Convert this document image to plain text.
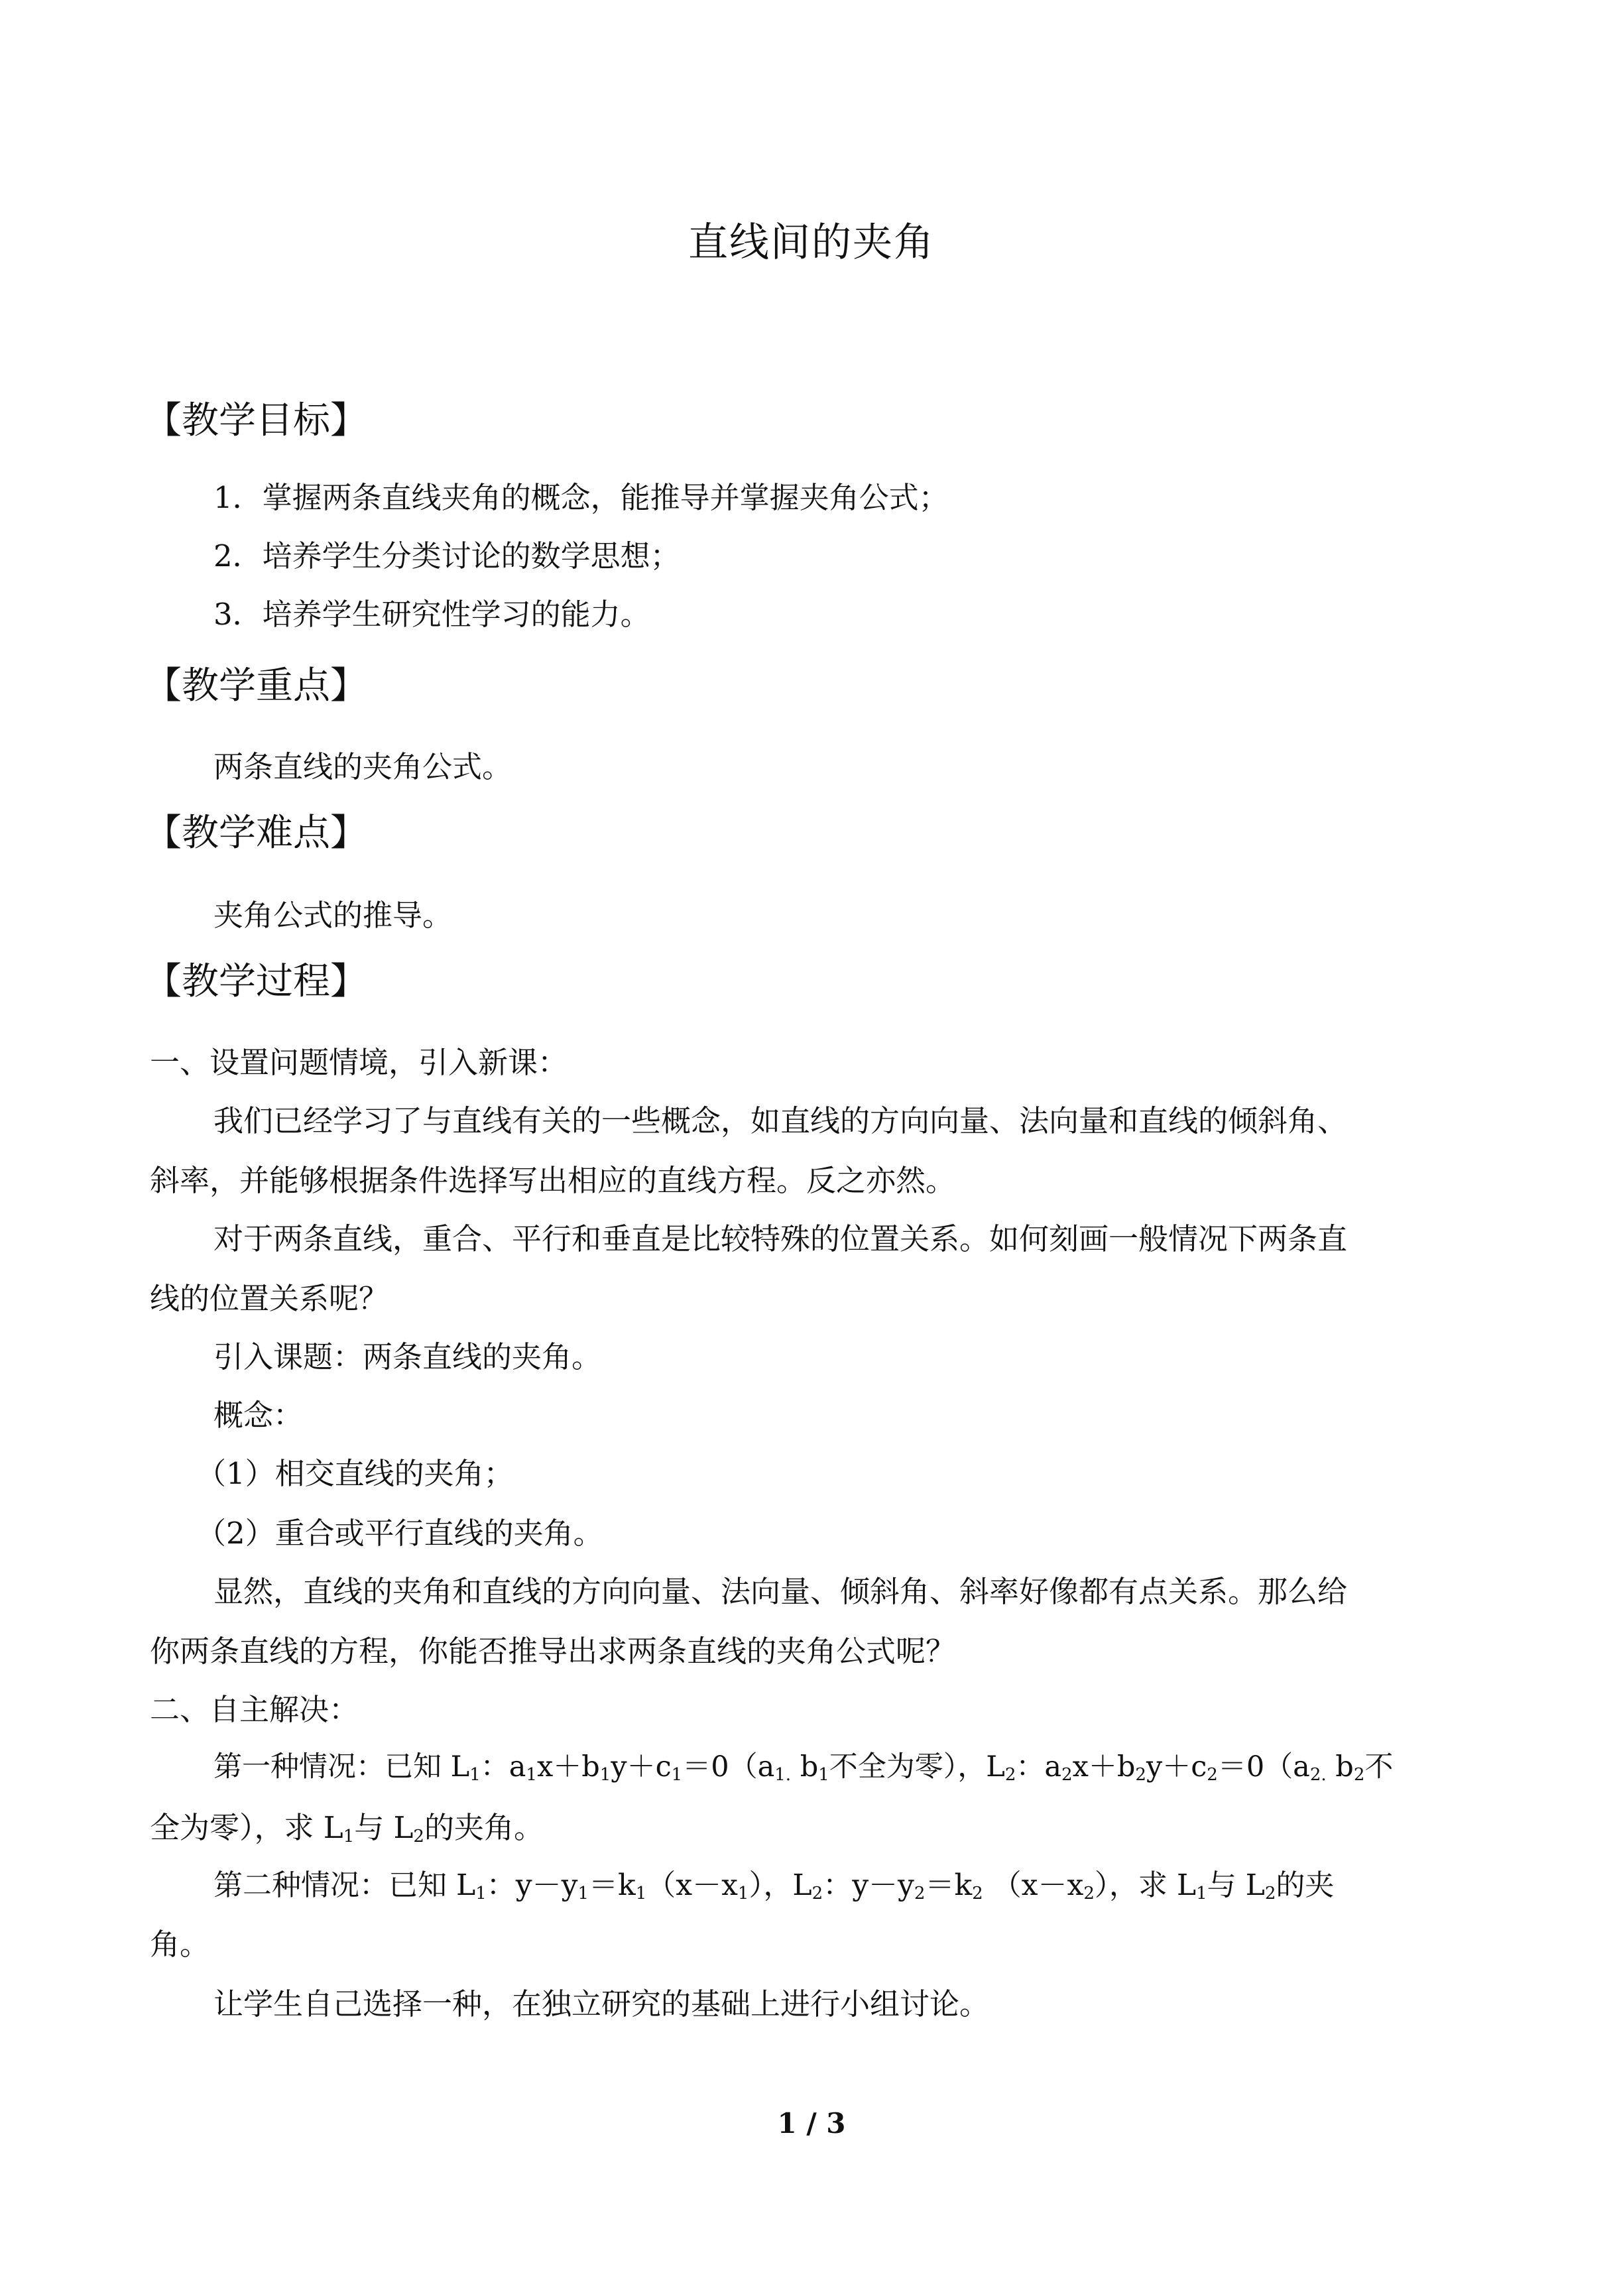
直线间的夹角
【教学目标】

1．掌握两条直线夹角的概念，能推导并掌握夹角公式；

2．培养学生分类讨论的数学思想；

3．培养学生研究性学习的能力。

【教学重点】

两条直线的夹角公式。

【教学难点】

夹角公式的推导。

【教学过程】

一、设置问题情境，引入新课：

我们已经学习了与直线有关的一些概念，如直线的方向向量、法向量和直线的倾斜角、

斜率，并能够根据条件选择写出相应的直线方程。反之亦然。

对于两条直线，重合、平行和垂直是比较特殊的位置关系。如何刻画一般情况下两条直

线的位置关系呢？

引入课题：两条直线的夹角。

概念：

（1）相交直线的夹角；

（2）重合或平行直线的夹角。

显然，直线的夹角和直线的方向向量、法向量、倾斜角、斜率好像都有点关系。那么给

你两条直线的方程，你能否推导出求两条直线的夹角公式呢？

二、自主解决：

第一种情况：已知 $L_1$：$a_1x+b_1y+c_1=0(a_{1.}$ $b_1$不全为零），$L_2$：$a_2x+b_2y+c_2=0(a_{2.}$ $b_2$不

全为零），求 $L_1$与 $L_2$的夹角。

第二种情况：已知 $L_1$：$y-y_1=k_1(x-x_1)$，$L_2$：$y-y_2=k_2$ $(x-x_2)$，求 $L_1$与 $L_2$的夹

角。

让学生自己选择一种，在独立研究的基础上进行小组讨论。

1 / 3
